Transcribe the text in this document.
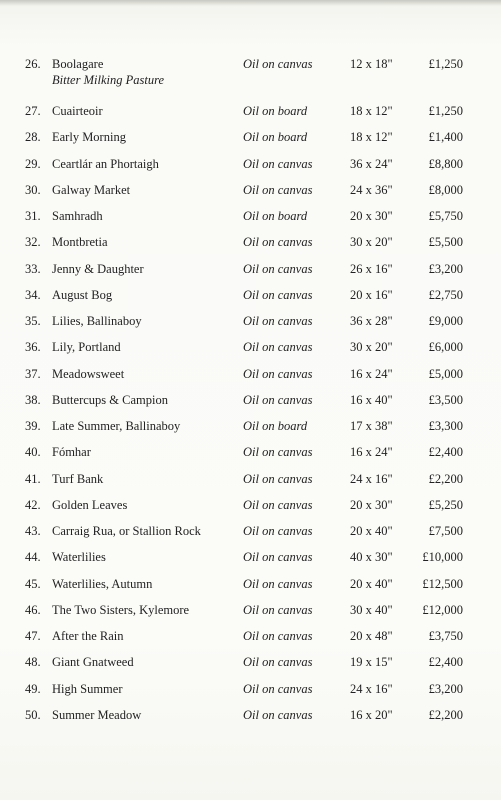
26. Boolagare	Oil on canvas	12 x 18"	£1,250
Bitter Milking Pasture
27. Cuairteoir	Oil on board	18 x 12"	£1,250
28. Early Morning	Oil on board	18 x 12"	£1,400
29. Ceartlár an Phortaigh	Oil on canvas	36 x 24"	£8,800
30. Galway Market	Oil on canvas	24 x 36"	£8,000
31. Samhradh	Oil on board	20 x 30"	£5,750
32. Montbretia	Oil on canvas	30 x 20"	£5,500
33. Jenny & Daughter	Oil on canvas	26 x 16"	£3,200
34. August Bog	Oil on canvas	20 x 16"	£2,750
35. Lilies, Ballinaboy	Oil on canvas	36 x 28"	£9,000
36. Lily, Portland	Oil on canvas	30 x 20"	£6,000
37. Meadowsweet	Oil on canvas	16 x 24"	£5,000
38. Buttercups & Campion	Oil on canvas	16 x 40"	£3,500
39. Late Summer, Ballinaboy	Oil on board	17 x 38"	£3,300
40. Fómhar	Oil on canvas	16 x 24"	£2,400
41. Turf Bank	Oil on canvas	24 x 16"	£2,200
42. Golden Leaves	Oil on canvas	20 x 30"	£5,250
43. Carraig Rua, or Stallion Rock	Oil on canvas	20 x 40"	£7,500
44. Waterlilies	Oil on canvas	40 x 30" £10,000
45. Waterlilies, Autumn	Oil on canvas	20 x 40" £12,500
46. The Two Sisters, Kylemore	Oil on canvas	30 x 40" £12,000
47. After the Rain	Oil on canvas	20 x 48"	£3,750
48. Giant Gnatweed	Oil on canvas	19 x 15"	£2,400
49. High Summer	Oil on canvas	24 x 16"	£3,200
50. Summer Meadow	Oil on canvas	16 x 20"	£2,200
